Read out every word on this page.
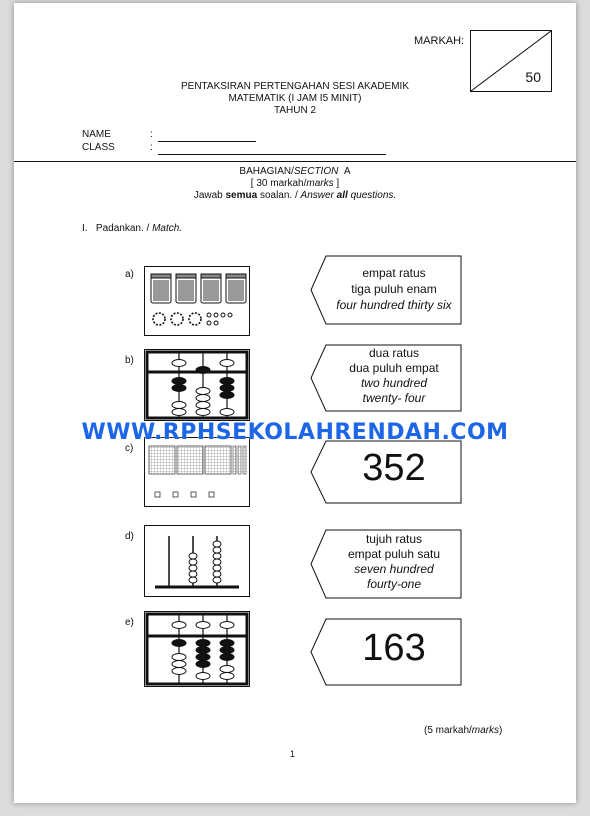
MARKAH:
50
PENTAKSIRAN PERTENGAHAN SESI AKADEMIK
MATEMATIK (I JAM I5 MINIT)
TAHUN 2
NAME	:
CLASS	:
BAHAGIAN/SECTION A
[ 30 markah/marks ]
Jawab semua soalan. / Answer all questions.
I. Padankan. / Match.
a)	empat ratus
tiga puluh enam
four hundred thirty six
b)
dua ratus
dua puluh empat
two hundred
twenty- four
c)	352
d)	tujuh ratus
empat puluh satu
seven hundred
fourty-one
e)
163
(5 markah/marks)
1
WWW.RPHSEKOLAHRENDAH.COM
